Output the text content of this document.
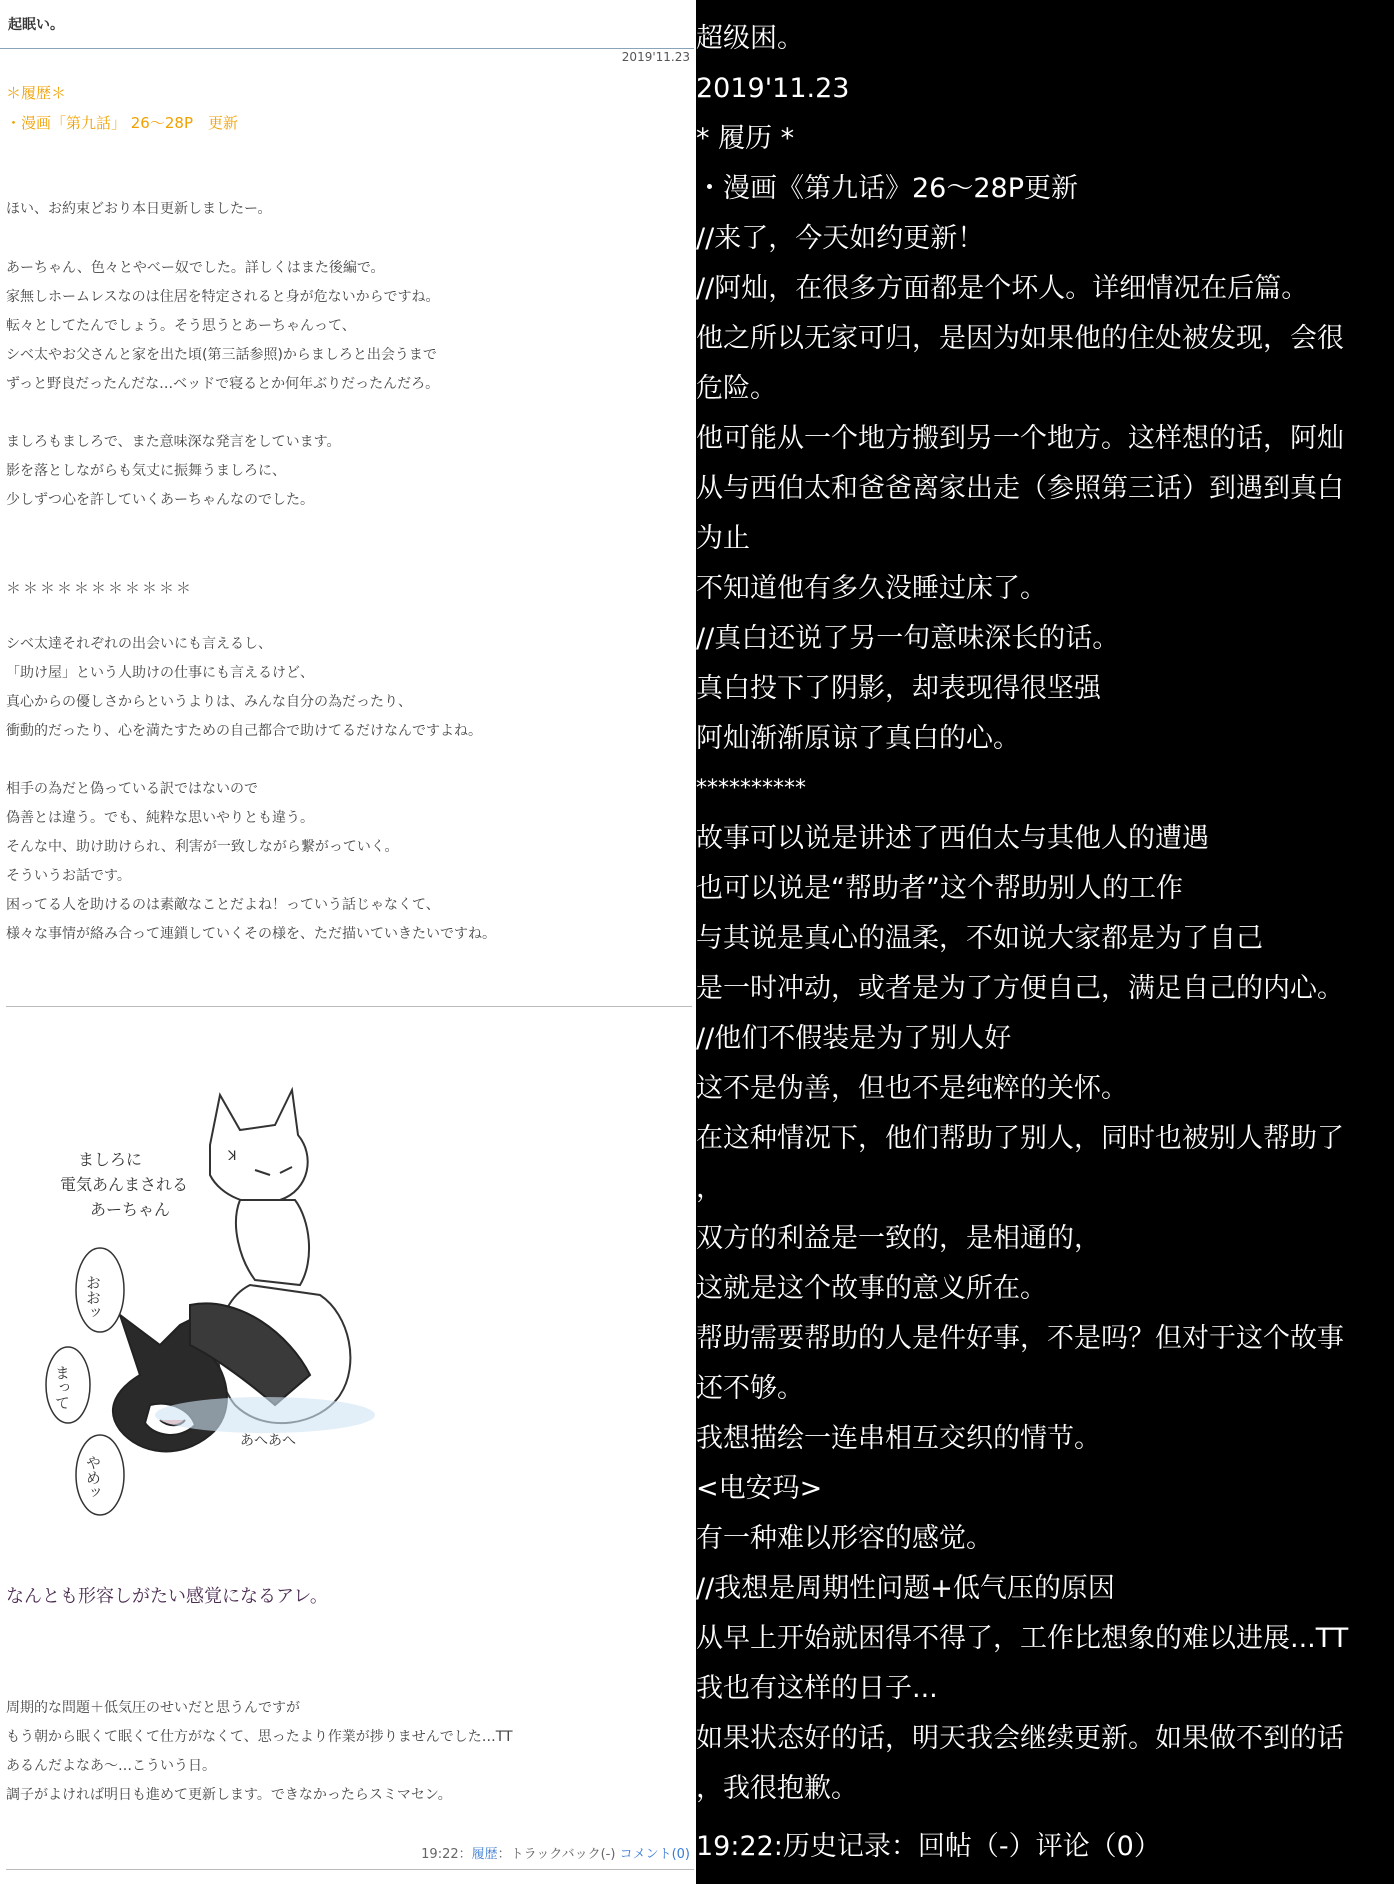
起眠い。
2019'11.23
＊履歴＊
・漫画「第九話」 26〜28P　更新
ほい、お約束どおり本日更新しましたー。
あーちゃん、色々とやべー奴でした。詳しくはまた後編で。
家無しホームレスなのは住居を特定されると身が危ないからですね。
転々としてたんでしょう。そう思うとあーちゃんって、
シベ太やお父さんと家を出た頃(第三話参照)からましろと出会うまで
ずっと野良だったんだな…ベッドで寝るとか何年ぶりだったんだろ。
ましろもましろで、また意味深な発言をしています。
影を落としながらも気丈に振舞うましろに、
少しずつ心を許していくあーちゃんなのでした。
＊＊＊＊＊＊＊＊＊＊＊
シベ太達それぞれの出会いにも言えるし、
「助け屋」という人助けの仕事にも言えるけど、
真心からの優しさからというよりは、みんな自分の為だったり、
衝動的だったり、心を満たすための自己都合で助けてるだけなんですよね。
相手の為だと偽っている訳ではないので
偽善とは違う。でも、純粋な思いやりとも違う。
そんな中、助け助けられ、利害が一致しながら繋がっていく。
そういうお話です。
困ってる人を助けるのは素敵なことだよね！っていう話じゃなくて、
様々な事情が絡み合って連鎖していくその様を、ただ描いていきたいですね。
ꓘ
ましろに
電気あんまされる
あーちゃん
おおッ
まって
やめッ
あへあへ
なんとも形容しがたい感覚になるアレ。
周期的な問題＋低気圧のせいだと思うんですが
もう朝から眠くて眠くて仕方がなくて、思ったより作業が捗りませんでした…TT
あるんだよなあ〜…こういう日。
調子がよければ明日も進めて更新します。できなかったらスミマセン。
19:22：履歴：トラックバック(-) コメント(0)
超级困。
2019'11.23
* 履历 *
・漫画《第九话》26～28P更新
//来了，今天如约更新！
//阿灿，在很多方面都是个坏人。详细情况在后篇。
他之所以无家可归，是因为如果他的住处被发现，会很
危险。
他可能从一个地方搬到另一个地方。这样想的话，阿灿
从与西伯太和爸爸离家出走（参照第三话）到遇到真白
为止
不知道他有多久没睡过床了。
//真白还说了另一句意味深长的话。
真白投下了阴影，却表现得很坚强
阿灿渐渐原谅了真白的心。
**********
故事可以说是讲述了西伯太与其他人的遭遇
也可以说是“帮助者”这个帮助别人的工作
与其说是真心的温柔，不如说大家都是为了自己
是一时冲动，或者是为了方便自己，满足自己的内心。
//他们不假装是为了别人好
这不是伪善，但也不是纯粹的关怀。
在这种情况下，他们帮助了别人，同时也被别人帮助了
，
双方的利益是一致的，是相通的，
这就是这个故事的意义所在。
帮助需要帮助的人是件好事，不是吗？但对于这个故事
还不够。
我想描绘一连串相互交织的情节。
<电安玛>
有一种难以形容的感觉。
//我想是周期性问题+低气压的原因
从早上开始就困得不得了，工作比想象的难以进展...TT
我也有这样的日子...
如果状态好的话，明天我会继续更新。如果做不到的话
，我很抱歉。
19:22:历史记录：回帖（-）评论（0）
